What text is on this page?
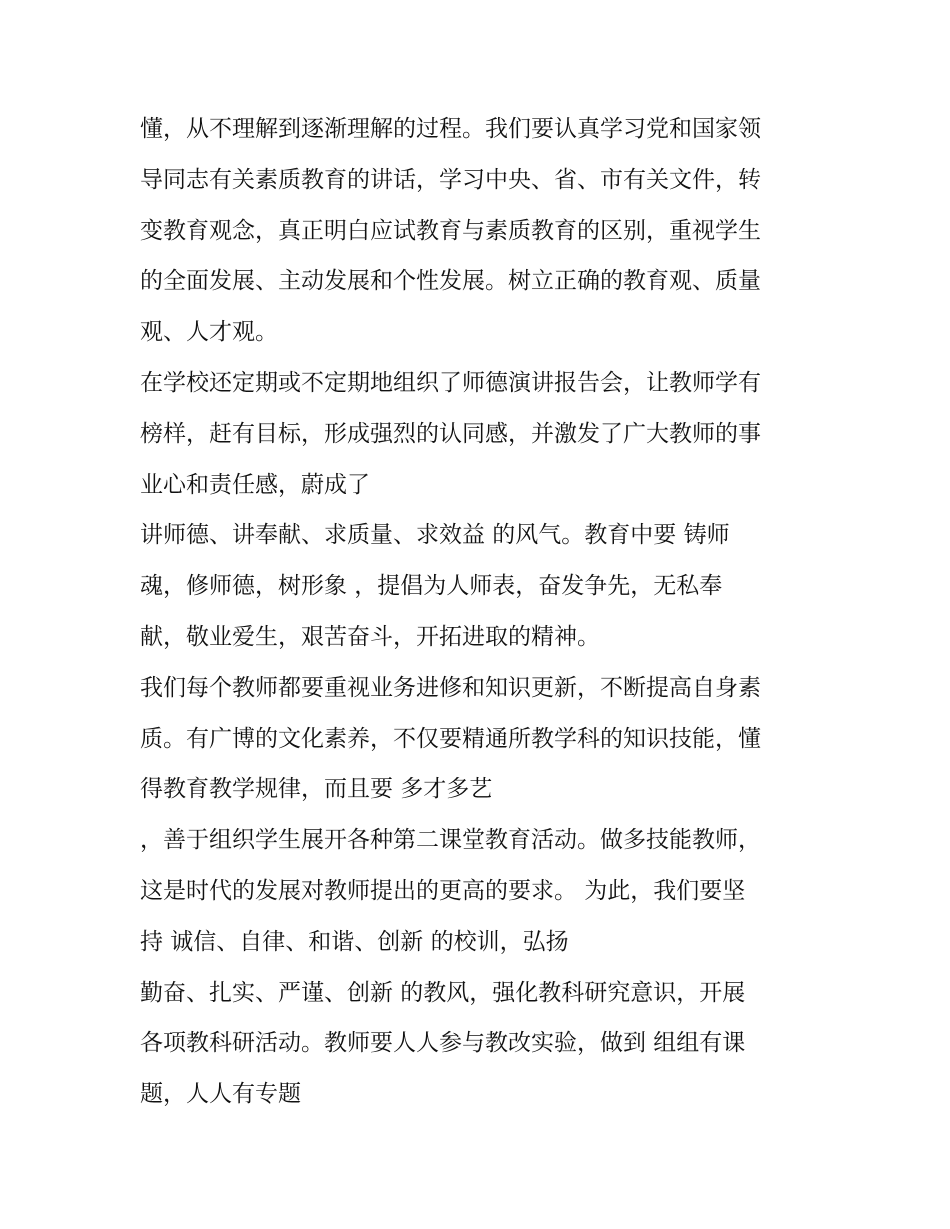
懂，从不理解到逐渐理解的过程。我们要认真学习党和国家领
导同志有关素质教育的讲话，学习中央、省、市有关文件，转
变教育观念，真正明白应试教育与素质教育的区别，重视学生
的全面发展、主动发展和个性发展。树立正确的教育观、质量
观、人才观。
在学校还定期或不定期地组织了师德演讲报告会，让教师学有
榜样，赶有目标，形成强烈的认同感，并激发了广大教师的事
业心和责任感，蔚成了
讲师德、讲奉献、求质量、求效益 的风气。教育中要 铸师
魂，修师德，树形象 ，提倡为人师表，奋发争先，无私奉
献，敬业爱生，艰苦奋斗，开拓进取的精神。
我们每个教师都要重视业务进修和知识更新，不断提高自身素
质。有广博的文化素养，不仅要精通所教学科的知识技能，懂
得教育教学规律，而且要 多才多艺
，善于组织学生展开各种第二课堂教育活动。做多技能教师，
这是时代的发展对教师提出的更高的要求。 为此，我们要坚
持 诚信、自律、和谐、创新 的校训，弘扬
勤奋、扎实、严谨、创新 的教风，强化教科研究意识，开展
各项教科研活动。教师要人人参与教改实验，做到 组组有课
题，人人有专题
